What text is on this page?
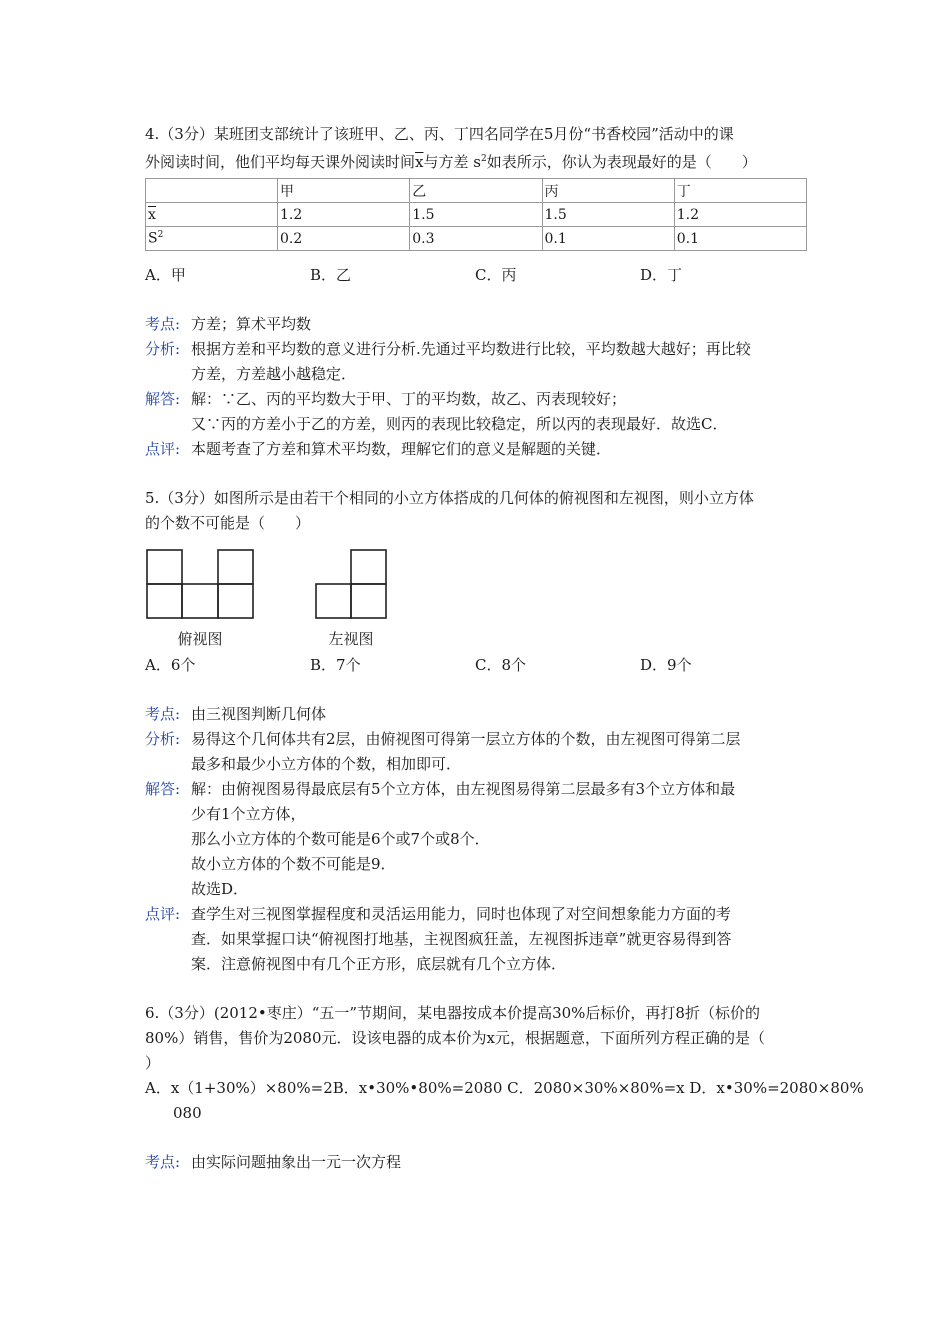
4.（3分）某班团支部统计了该班甲、乙、丙、丁四名同学在5月份“书香校园”活动中的课
外阅读时间，他们平均每天课外阅读时间$\overline{x}$与方差 $s^2$如表所示，你认为表现最好的是（　　）
	甲	乙	丙	丁
$\overline{x}$	1.2	1.5	1.5	1.2
$S^2$	0.2	0.3	0.1	0.1
A．甲	B．乙	C．丙	D．丁
考点: 方差；算术平均数
分析: 根据方差和平均数的意义进行分析.先通过平均数进行比较，平均数越大越好；再比较
方差，方差越小越稳定．
解答: 解：∵乙、丙的平均数大于甲、丁的平均数，故乙、丙表现较好；
又∵丙的方差小于乙的方差，则丙的表现比较稳定，所以丙的表现最好．故选C．
点评: 本题考查了方差和算术平均数，理解它们的意义是解题的关键．
5.（3分）如图所示是由若干个相同的小立方体搭成的几何体的俯视图和左视图，则小立方体
的个数不可能是（　　）
俯视图	左视图
A．6个	B．7个	C．8个	D．9个
考点: 由三视图判断几何体
分析: 易得这个几何体共有2层，由俯视图可得第一层立方体的个数，由左视图可得第二层
最多和最少小立方体的个数，相加即可．
解答: 解：由俯视图易得最底层有5个立方体，由左视图易得第二层最多有3个立方体和最
少有1个立方体，
那么小立方体的个数可能是6个或7个或8个．
故小立方体的个数不可能是9．
故选D．
点评: 查学生对三视图掌握程度和灵活运用能力，同时也体现了对空间想象能力方面的考
查．如果掌握口诀“俯视图打地基，主视图疯狂盖，左视图拆违章”就更容易得到答
案．注意俯视图中有几个正方形，底层就有几个立方体．
6.（3分）(2012•枣庄）“五一”节期间，某电器按成本价提高30%后标价，再打8折（标价的
80%）销售，售价为2080元．设该电器的成本价为x元，根据题意，下面所列方程正确的是（
）
A．x（1+30%）×80%=2B．x•30%•80%=2080 C．2080×30%×80%=x D．x•30%=2080×80%
080
考点: 由实际问题抽象出一元一次方程
